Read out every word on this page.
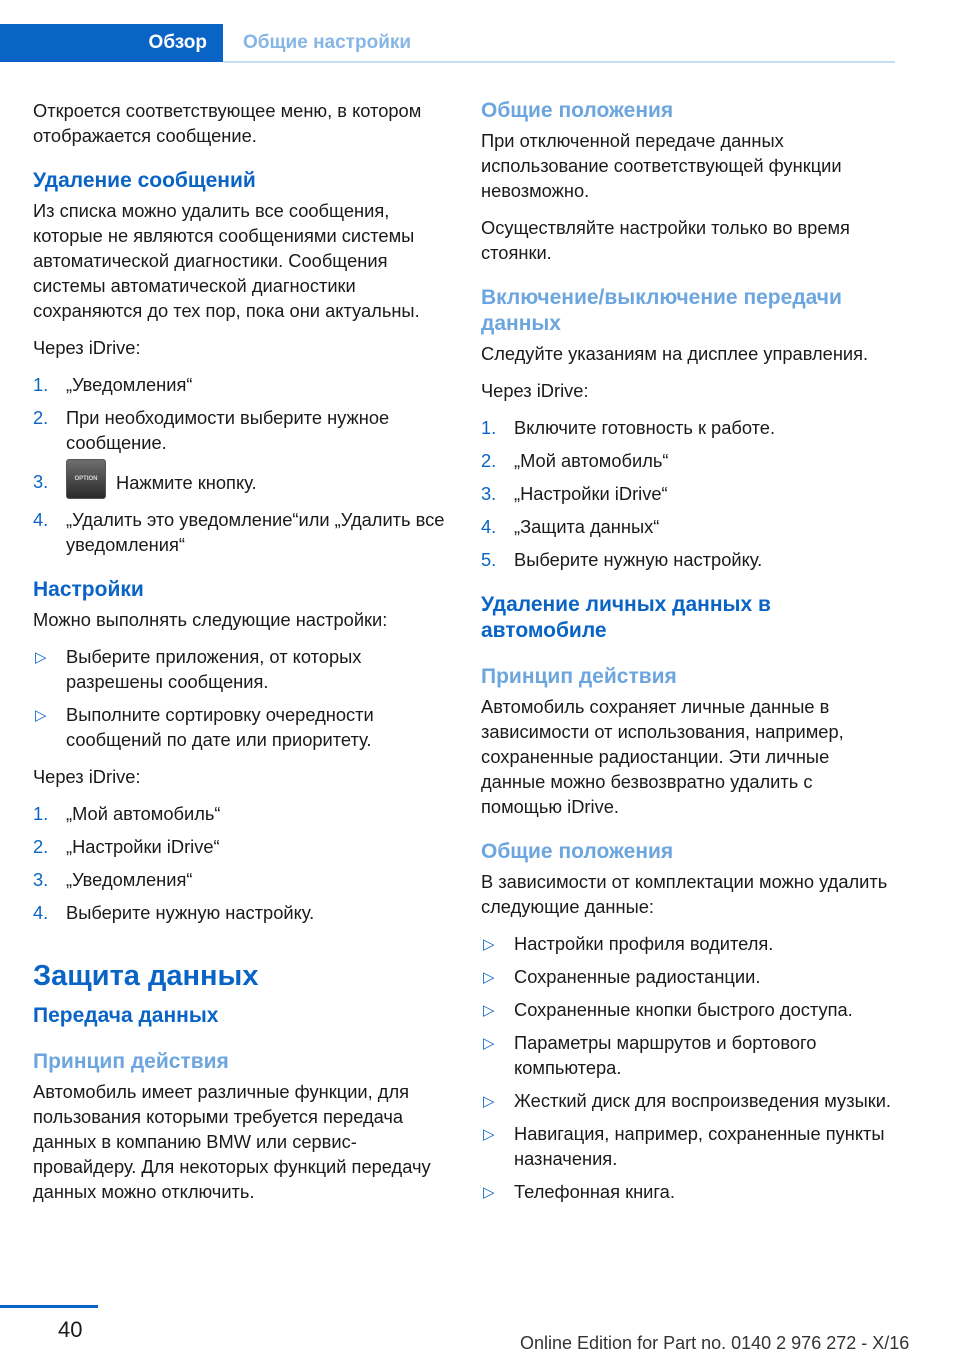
Обзор	Общие настройки

Откроется соответствующее меню, в котором отображается сообщение.

Удаление сообщений

Из списка можно удалить все сообщения, которые не являются сообщениями системы автоматической диагностики. Сообщения системы автоматической диагностики сохраняются до тех пор, пока они актуальны.

Через iDrive:

1. „Уведомления“
2. При необходимости выберите нужное сообщение.
3.	OPTION Нажмите кнопку.
4. „Удалить это уведомление“или „Удалить все уведомления“
Настройки

Можно выполнять следующие настройки:

▷ Выберите приложения, от которых разрешены сообщения.
▷ Выполните сортировку очередности сообщений по дате или приоритету.

Через iDrive:

1. „Мой автомобиль“
2. „Настройки iDrive“
3. „Уведомления“
4. Выберите нужную настройку.
Защита данных
Передача данных
Принцип действия

Автомобиль имеет различные функции, для пользования которыми требуется передача данных в компанию BMW или сервис-провайдеру. Для некоторых функций передачу данных можно отключить.

Общие положения

При отключенной передаче данных использование соответствующей функции невозможно.

Осуществляйте настройки только во время стоянки.

Включение/выключение передачи данных

Следуйте указаниям на дисплее управления.

Через iDrive:

1. Включите готовность к работе.
2. „Мой автомобиль“
3. „Настройки iDrive“
4. „Защита данных“
5. Выберите нужную настройку.
Удаление личных данных в автомобиле
Принцип действия

Автомобиль сохраняет личные данные в зависимости от использования, например, сохраненные радиостанции. Эти личные данные можно безвозвратно удалить с помощью iDrive.

Общие положения

В зависимости от комплектации можно удалить следующие данные:

▷ Настройки профиля водителя.
▷ Сохраненные радиостанции.
▷ Сохраненные кнопки быстрого доступа.
▷ Параметры маршрутов и бортового компьютера.
▷ Жесткий диск для воспроизведения музыки.
▷ Навигация, например, сохраненные пункты назначения.
▷ Телефонная книга.
40
Online Edition for Part no. 0140 2 976 272 - X/16
